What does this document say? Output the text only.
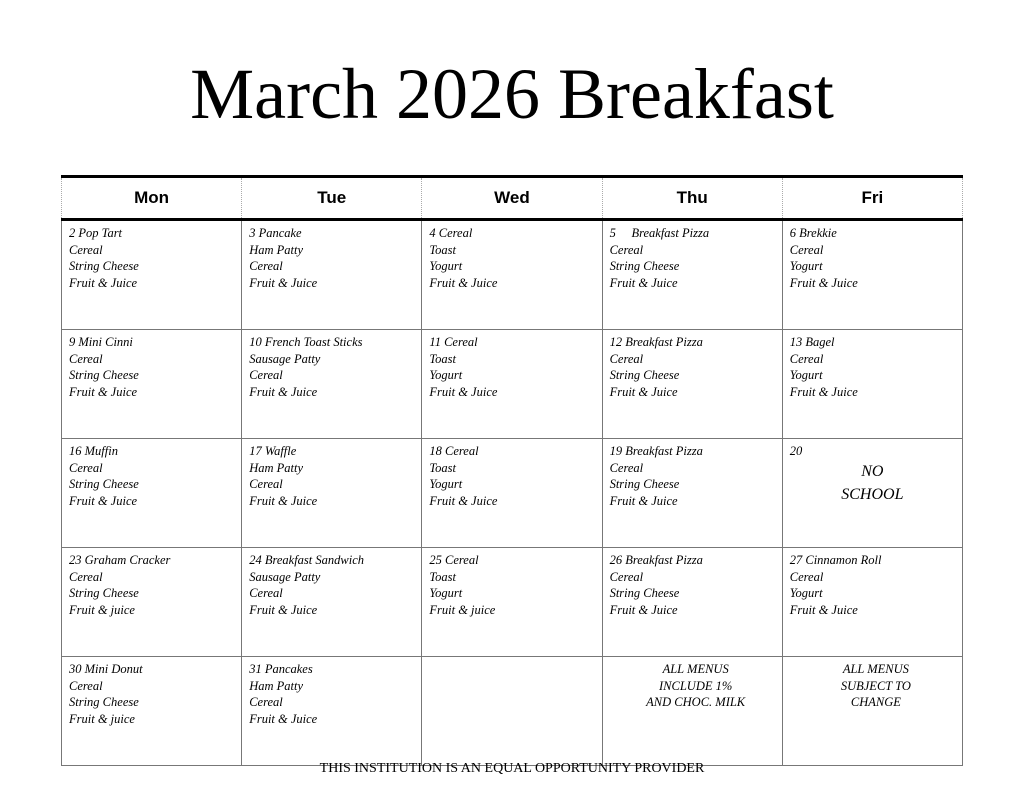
March 2026 Breakfast
Mon	Tue	Wed	Thu	Fri

2 Pop Tart
Cereal
String Cheese
Fruit & Juice	3 Pancake
Ham Patty
Cereal
Fruit & Juice	4 Cereal
Toast
Yogurt
Fruit & Juice	5     Breakfast Pizza
Cereal
String Cheese
Fruit & Juice	6 Brekkie
Cereal
Yogurt
Fruit & Juice

9 Mini Cinni
Cereal
String Cheese
Fruit & Juice	10 French Toast Sticks
Sausage Patty
Cereal
Fruit & Juice	11 Cereal
Toast
Yogurt
Fruit & Juice	12 Breakfast Pizza
Cereal
String Cheese
Fruit & Juice	13 Bagel
Cereal
Yogurt
Fruit & Juice

16 Muffin
Cereal
String Cheese
Fruit & Juice	17 Waffle
Ham Patty
Cereal
Fruit & Juice	18 Cereal
Toast
Yogurt
Fruit & Juice	19 Breakfast Pizza
Cereal
String Cheese
Fruit & Juice	20
NO
SCHOOL

23 Graham Cracker
Cereal
String Cheese
Fruit & juice	24 Breakfast Sandwich
Sausage Patty
Cereal
Fruit & Juice	25 Cereal
Toast
Yogurt
Fruit & juice	26 Breakfast Pizza
Cereal
String Cheese
Fruit & Juice	27 Cinnamon Roll
Cereal
Yogurt
Fruit & Juice

30 Mini Donut
Cereal
String Cheese
Fruit & juice	31 Pancakes
Ham Patty
Cereal
Fruit & Juice		ALL MENUS
INCLUDE 1%
AND CHOC. MILK	ALL MENUS
SUBJECT TO
CHANGE
THIS INSTITUTION IS AN EQUAL OPPORTUNITY PROVIDER
